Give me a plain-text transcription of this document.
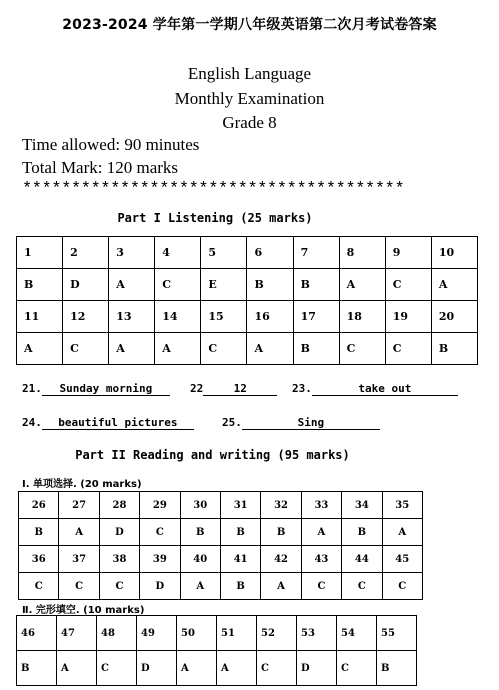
2023-2024 学年第一学期八年级英语第二次月考试卷答案
English Language
Monthly Examination
Grade 8
Time allowed: 90 minutes
Total Mark: 120 marks
***************************************
Part I Listening (25 marks)
1	2	3	4	5	6	7	8	9	10
B	D	A	C	E	B	B	A	C	A
11	12	13	14	15	16	17	18	19	20
A	C	A	A	C	A	B	C	C	B
21. Sunday morning	22	12	23.	take out
24. beautiful pictures	25.	Sing
Part II Reading and writing (95 marks)
Ⅰ. 单项选择. (20 marks)
26	27	28	29	30	31	32	33	34	35
B	A	D	C	B	B	B	A	B	A
36	37	38	39	40	41	42	43	44	45
C	C	C	D	A	B	A	C	C	C
Ⅱ. 完形填空. (10 marks)
46	47	48	49	50	51	52	53	54	55
B	A	C	D	A	A	C	D	C	B
